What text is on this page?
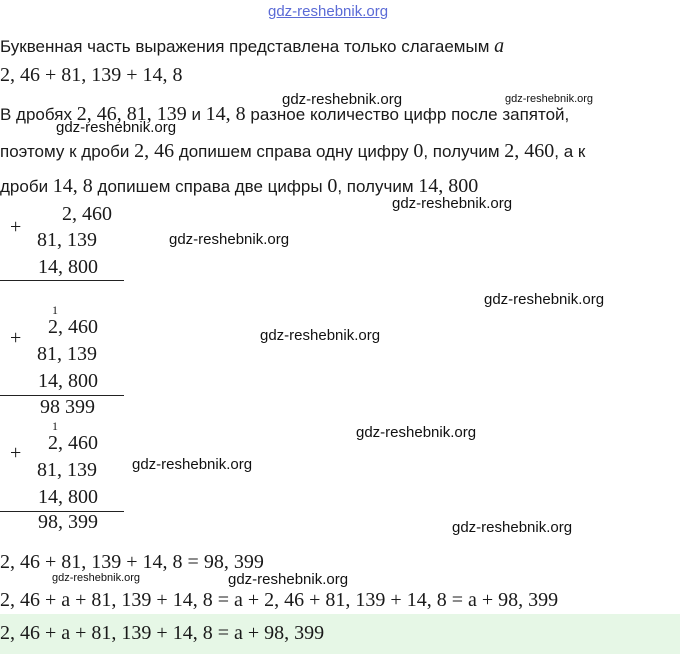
gdz-reshebnik.org
Буквенная часть выражения представлена только слагаемым a
2, 46 + 81, 139 + 14, 8
В дробях 2, 46, 81, 139 и 14, 8 разное количество цифр после запятой,
поэтому к дроби 2, 46 допишем справа одну цифру 0, получим 2, 460, а к
дроби 14, 8 допишем справа две цифры 0, получим 14, 800
+
2, 460
81, 139
14, 800
1
+ 2, 460
81, 139
14, 800
98 399
1
+ 2, 460
81, 139
14, 800
98, 399
2, 46 + 81, 139 + 14, 8 = 98, 399
2, 46 + a + 81, 139 + 14, 8 = a + 2, 46 + 81, 139 + 14, 8 = a + 98, 399
2, 46 + a + 81, 139 + 14, 8 = a + 98, 399
gdz-reshebnik.org	gdz-reshebnik.org
gdz-reshebnik.org
gdz-reshebnik.org
gdz-reshebnik.org
gdz-reshebnik.org
gdz-reshebnik.org
gdz-reshebnik.org
gdz-reshebnik.org
gdz-reshebnik.org
gdz-reshebnik.org	gdz-reshebnik.org
